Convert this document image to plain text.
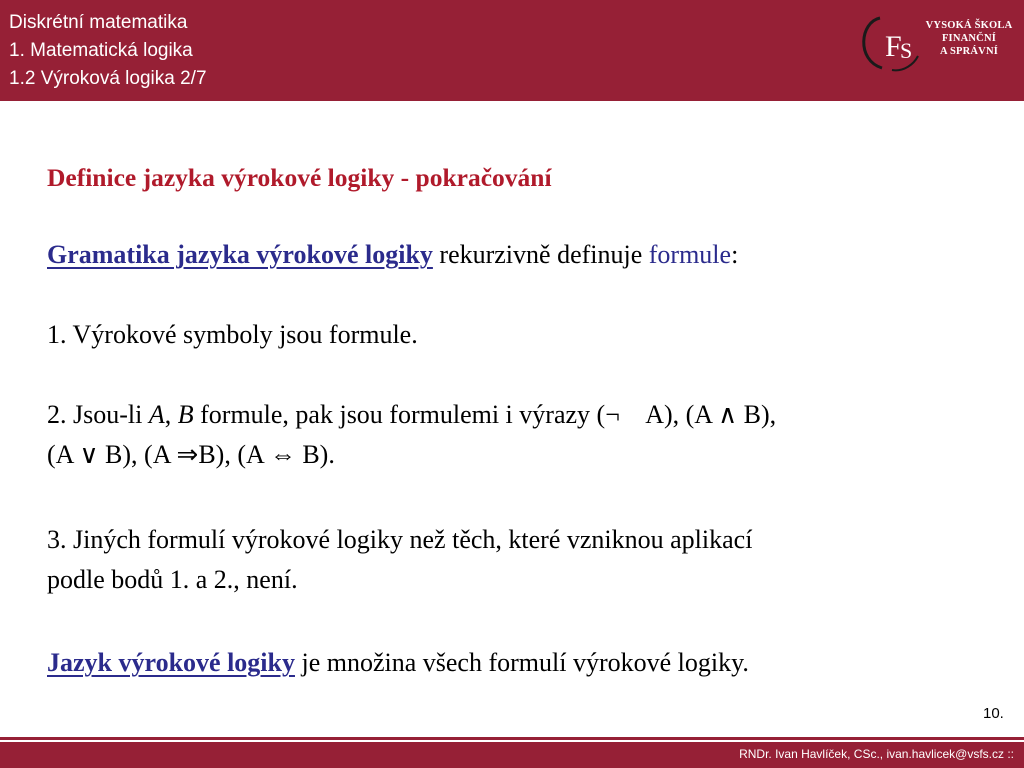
Diskrétní matematika
1. Matematická logika
1.2 Výroková logika 2/7
F
S
VYSOKÁ ŠKOLA
FINANČNÍ
A SPRÁVNÍ
Definice jazyka výrokové logiky - pokračování
Gramatika jazyka výrokové logiky rekurzivně definuje formule:
1. Výrokové symboly jsou formule.
2. Jsou-li A, B formule, pak jsou formulemi i výrazy (¬ A), (A ∧ B),
(A ∨ B), (A ⇒B), (A ⇔ B).
3. Jiných formulí výrokové logiky než těch, které vzniknou aplikací
podle bodů 1. a 2., není.
Jazyk výrokové logiky je množina všech formulí výrokové logiky.
10.
RNDr. Ivan Havlíček, CSc., ivan.havlicek@vsfs.cz ::
